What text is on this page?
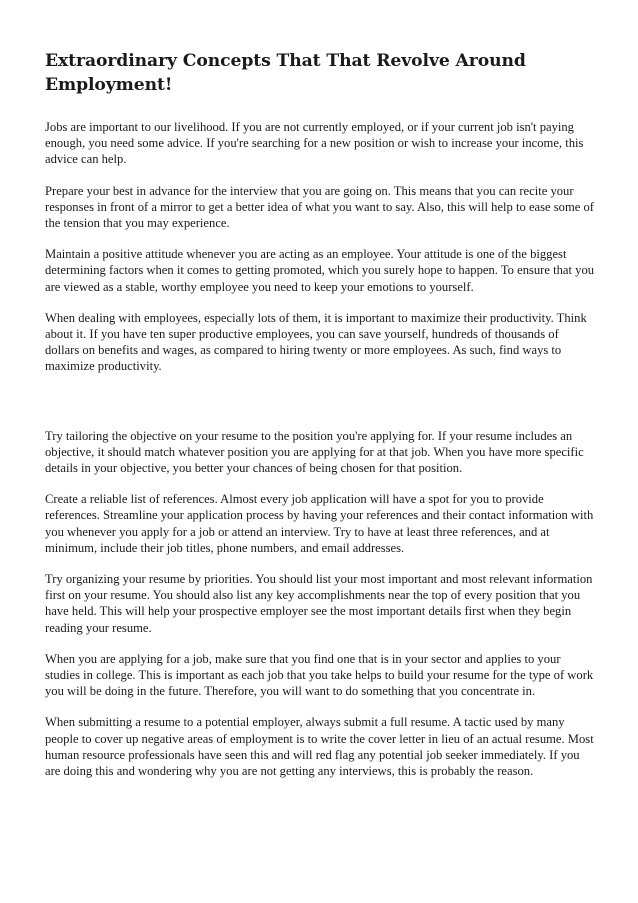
Extraordinary Concepts That That Revolve Around Employment!

Jobs are important to our livelihood. If you are not currently employed, or if your current job isn't paying enough, you need some advice. If you're searching for a new position or wish to increase your income, this advice can help.

Prepare your best in advance for the interview that you are going on. This means that you can recite your responses in front of a mirror to get a better idea of what you want to say. Also, this will help to ease some of the tension that you may experience.

Maintain a positive attitude whenever you are acting as an employee. Your attitude is one of the biggest determining factors when it comes to getting promoted, which you surely hope to happen. To ensure that you are viewed as a stable, worthy employee you need to keep your emotions to yourself.

When dealing with employees, especially lots of them, it is important to maximize their productivity. Think about it. If you have ten super productive employees, you can save yourself, hundreds of thousands of dollars on benefits and wages, as compared to hiring twenty or more employees. As such, find ways to maximize productivity.

Try tailoring the objective on your resume to the position you're applying for. If your resume includes an objective, it should match whatever position you are applying for at that job. When you have more specific details in your objective, you better your chances of being chosen for that position.

Create a reliable list of references. Almost every job application will have a spot for you to provide references. Streamline your application process by having your references and their contact information with you whenever you apply for a job or attend an interview. Try to have at least three references, and at minimum, include their job titles, phone numbers, and email addresses.

Try organizing your resume by priorities. You should list your most important and most relevant information first on your resume. You should also list any key accomplishments near the top of every position that you have held. This will help your prospective employer see the most important details first when they begin reading your resume.

When you are applying for a job, make sure that you find one that is in your sector and applies to your studies in college. This is important as each job that you take helps to build your resume for the type of work you will be doing in the future. Therefore, you will want to do something that you concentrate in.

When submitting a resume to a potential employer, always submit a full resume. A tactic used by many people to cover up negative areas of employment is to write the cover letter in lieu of an actual resume. Most human resource professionals have seen this and will red flag any potential job seeker immediately. If you are doing this and wondering why you are not getting any interviews, this is probably the reason.
